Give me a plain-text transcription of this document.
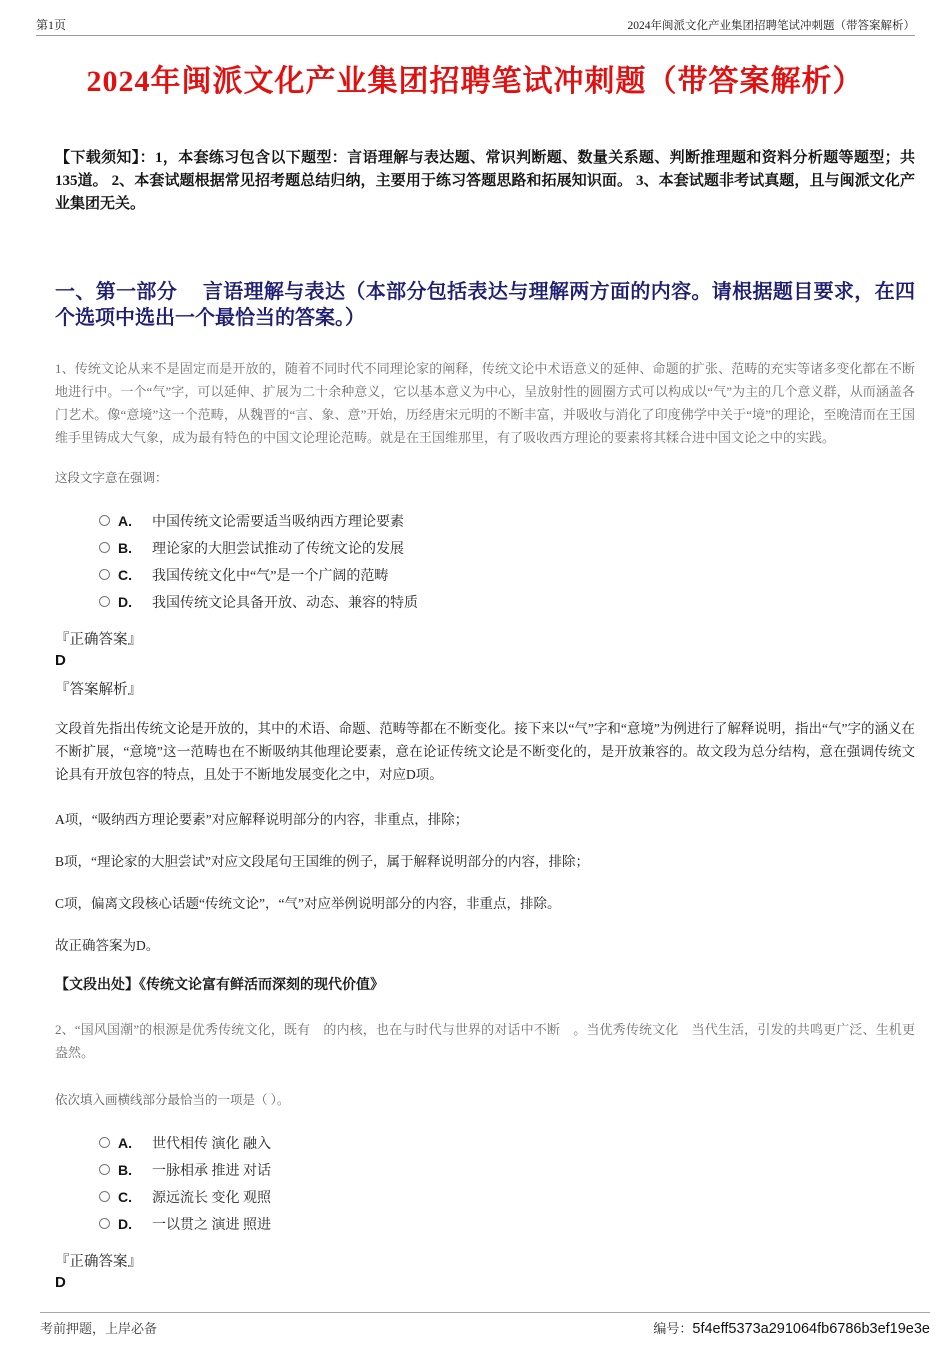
第1页	2024年闽派文化产业集团招聘笔试冲刺题（带答案解析）
2024年闽派文化产业集团招聘笔试冲刺题（带答案解析）

【下载须知】：1，本套练习包含以下题型：言语理解与表达题、常识判断题、数量关系题、判断推理题和资料分析题等题型；共135道。 2、本套试题根据常见招考题总结归纳，主要用于练习答题思路和拓展知识面。 3、本套试题非考试真题，且与闽派文化产业集团无关。

一、第一部分　 言语理解与表达（本部分包括表达与理解两方面的内容。请根据题目要求，在四个选项中选出一个最恰当的答案。）

1、传统文论从来不是固定而是开放的，随着不同时代不同理论家的阐释，传统文论中术语意义的延伸、命题的扩张、范畴的充实等诸多变化都在不断地进行中。一个“气”字，可以延伸、扩展为二十余种意义，它以基本意义为中心，呈放射性的圆圈方式可以构成以“气”为主的几个意义群，从而涵盖各门艺术。像“意境”这一个范畴，从魏晋的“言、象、意”开始，历经唐宋元明的不断丰富，并吸收与消化了印度佛学中关于“境”的理论，至晚清而在王国维手里铸成大气象，成为最有特色的中国文论理论范畴。就是在王国维那里，有了吸收西方理论的要素将其糅合进中国文论之中的实践。

这段文字意在强调：

A.	中国传统文论需要适当吸纳西方理论要素
B.	理论家的大胆尝试推动了传统文论的发展
C.	我国传统文化中“气”是一个广阔的范畴
D.	我国传统文论具备开放、动态、兼容的特质

『正确答案』

D

『答案解析』

文段首先指出传统文论是开放的，其中的术语、命题、范畴等都在不断变化。接下来以“气”字和“意境”为例进行了解释说明，指出“气”字的涵义在不断扩展，“意境”这一范畴也在不断吸纳其他理论要素，意在论证传统文论是不断变化的，是开放兼容的。故文段为总分结构，意在强调传统文论具有开放包容的特点，且处于不断地发展变化之中，对应D项。

A项，“吸纳西方理论要素”对应解释说明部分的内容，非重点，排除；

B项，“理论家的大胆尝试”对应文段尾句王国维的例子，属于解释说明部分的内容，排除；

C项，偏离文段核心话题“传统文论”，“气”对应举例说明部分的内容，非重点，排除。

故正确答案为D。

【文段出处】《传统文论富有鲜活而深刻的现代价值》

2、“国风国潮”的根源是优秀传统文化，既有　的内核，也在与时代与世界的对话中不断　。当优秀传统文化　当代生活，引发的共鸣更广泛、生机更盎然。

依次填入画横线部分最恰当的一项是（ ）。

A.	世代相传 演化 融入
B.	一脉相承 推进 对话
C.	源远流长 变化 观照
D.	一以贯之 演进 照进

『正确答案』

D

考前押题，上岸必备	编号：5f4eff5373a291064fb6786b3ef19e3e
